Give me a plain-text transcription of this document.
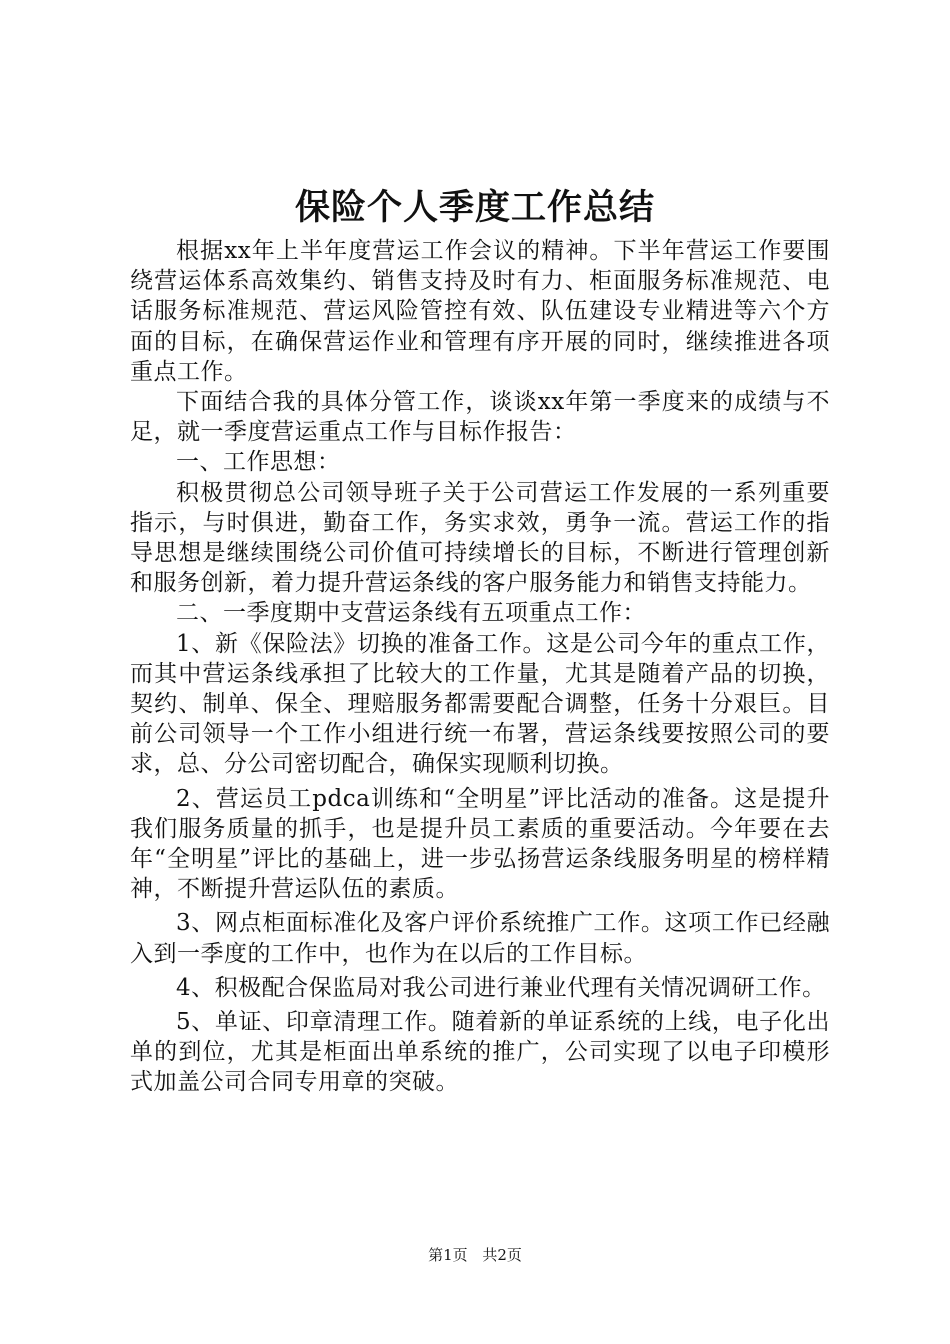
保险个人季度工作总结

根据xx年上半年度营运工作会议的精神。下半年营运工作要围绕营运体系高效集约、销售支持及时有力、柜面服务标准规范、电话服务标准规范、营运风险管控有效、队伍建设专业精进等六个方面的目标，在确保营运作业和管理有序开展的同时，继续推进各项重点工作。

下面结合我的具体分管工作，谈谈xx年第一季度来的成绩与不足，就一季度营运重点工作与目标作报告：

一、工作思想：

积极贯彻总公司领导班子关于公司营运工作发展的一系列重要指示，与时俱进，勤奋工作，务实求效，勇争一流。营运工作的指导思想是继续围绕公司价值可持续增长的目标，不断进行管理创新和服务创新，着力提升营运条线的客户服务能力和销售支持能力。

二、一季度期中支营运条线有五项重点工作：

1、新《保险法》切换的准备工作。这是公司今年的重点工作，而其中营运条线承担了比较大的工作量，尤其是随着产品的切换，契约、制单、保全、理赔服务都需要配合调整，任务十分艰巨。目前公司领导一个工作小组进行统一布署，营运条线要按照公司的要求，总、分公司密切配合，确保实现顺利切换。

2、营运员工pdca训练和“全明星”评比活动的准备。这是提升我们服务质量的抓手，也是提升员工素质的重要活动。今年要在去年“全明星”评比的基础上，进一步弘扬营运条线服务明星的榜样精神，不断提升营运队伍的素质。

3、网点柜面标准化及客户评价系统推广工作。这项工作已经融入到一季度的工作中，也作为在以后的工作目标。

4、积极配合保监局对我公司进行兼业代理有关情况调研工作。

5、单证、印章清理工作。随着新的单证系统的上线，电子化出单的到位，尤其是柜面出单系统的推广，公司实现了以电子印模形式加盖公司合同专用章的突破。

第1页 共2页
